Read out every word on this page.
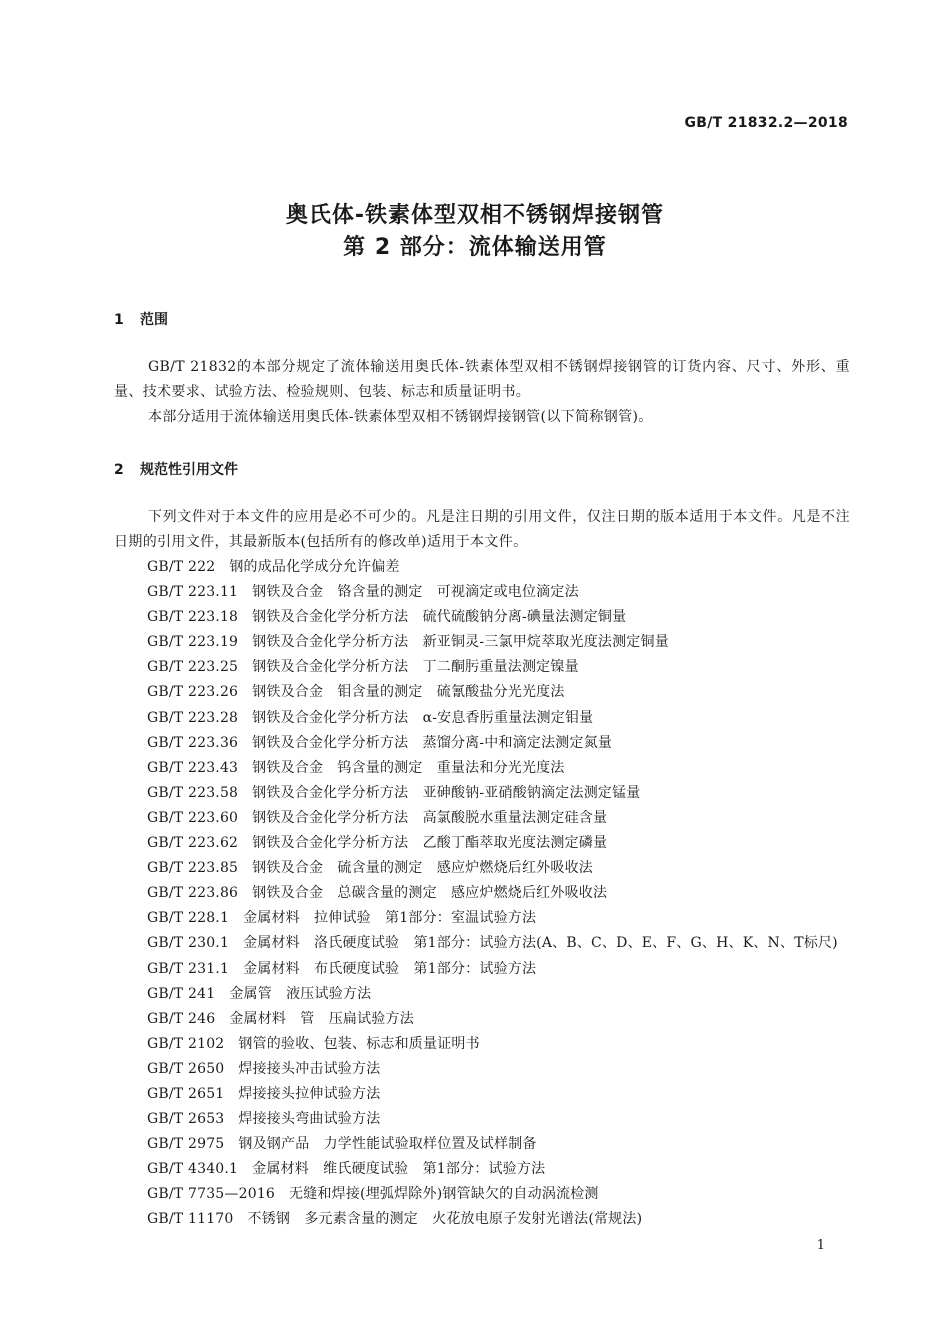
GB/T 21832.2—2018
奥氏体-铁素体型双相不锈钢焊接钢管
第 2 部分：流体输送用管
1 范围

GB/T 21832的本部分规定了流体输送用奥氏体-铁素体型双相不锈钢焊接钢管的订货内容、尺寸、外形、重量、技术要求、试验方法、检验规则、包装、标志和质量证明书。

本部分适用于流体输送用奥氏体-铁素体型双相不锈钢焊接钢管(以下简称钢管)。

2 规范性引用文件

下列文件对于本文件的应用是必不可少的。凡是注日期的引用文件，仅注日期的版本适用于本文件。凡是不注日期的引用文件，其最新版本(包括所有的修改单)适用于本文件。

GB/T 222 钢的成品化学成分允许偏差
GB/T 223.11 钢铁及合金　铬含量的测定　可视滴定或电位滴定法
GB/T 223.18 钢铁及合金化学分析方法　硫代硫酸钠分离-碘量法测定铜量
GB/T 223.19 钢铁及合金化学分析方法　新亚铜灵-三氯甲烷萃取光度法测定铜量
GB/T 223.25 钢铁及合金化学分析方法　丁二酮肟重量法测定镍量
GB/T 223.26 钢铁及合金　钼含量的测定　硫氰酸盐分光光度法
GB/T 223.28 钢铁及合金化学分析方法　α-安息香肟重量法测定钼量
GB/T 223.36 钢铁及合金化学分析方法　蒸馏分离-中和滴定法测定氮量
GB/T 223.43 钢铁及合金　钨含量的测定　重量法和分光光度法
GB/T 223.58 钢铁及合金化学分析方法　亚砷酸钠-亚硝酸钠滴定法测定锰量
GB/T 223.60 钢铁及合金化学分析方法　高氯酸脱水重量法测定硅含量
GB/T 223.62 钢铁及合金化学分析方法　乙酸丁酯萃取光度法测定磷量
GB/T 223.85 钢铁及合金　硫含量的测定　感应炉燃烧后红外吸收法
GB/T 223.86 钢铁及合金　总碳含量的测定　感应炉燃烧后红外吸收法
GB/T 228.1 金属材料　拉伸试验　第1部分：室温试验方法
GB/T 230.1 金属材料　洛氏硬度试验　第1部分：试验方法(A、B、C、D、E、F、G、H、K、N、T标尺)
GB/T 231.1 金属材料　布氏硬度试验　第1部分：试验方法
GB/T 241 金属管　液压试验方法
GB/T 246 金属材料　管　压扁试验方法
GB/T 2102 钢管的验收、包装、标志和质量证明书
GB/T 2650 焊接接头冲击试验方法
GB/T 2651 焊接接头拉伸试验方法
GB/T 2653 焊接接头弯曲试验方法
GB/T 2975 钢及钢产品　力学性能试验取样位置及试样制备
GB/T 4340.1 金属材料　维氏硬度试验　第1部分：试验方法
GB/T 7735—2016 无缝和焊接(埋弧焊除外)钢管缺欠的自动涡流检测
GB/T 11170 不锈钢　多元素含量的测定　火花放电原子发射光谱法(常规法)
1
